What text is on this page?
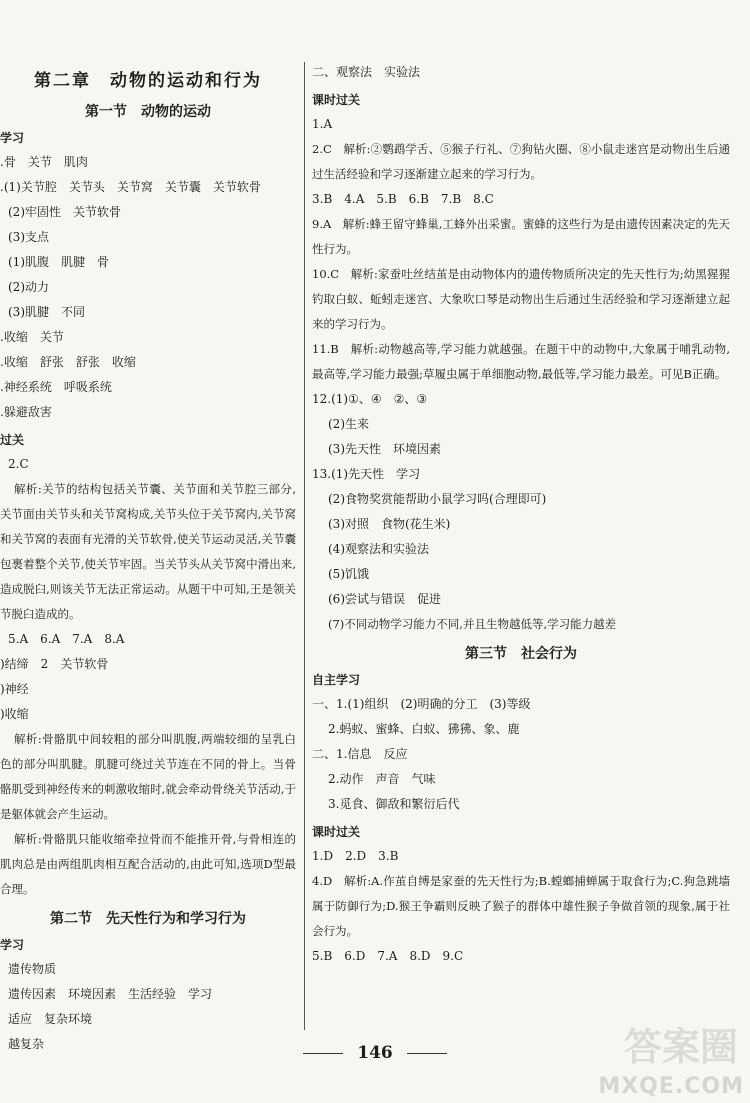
第二章　动物的运动和行为
第一节　动物的运动
学习
.骨　关节　肌肉
.(1)关节腔　关节头　关节窝　关节囊　关节软骨
(2)牢固性　关节软骨
(3)支点
(1)肌腹　肌腱　骨
(2)动力
(3)肌腱　不同
.收缩　关节
.收缩　舒张　舒张　收缩
.神经系统　呼吸系统
.躲避敌害
过关
2.C
解析:关节的结构包括关节囊、关节面和关节腔三部分,关节面由关节头和关节窝构成,关节头位于关节窝内,关节窝和关节窝的表面有光滑的关节软骨,使关节运动灵活,关节囊包裹着整个关节,使关节牢固。当关节头从关节窝中滑出来,造成脱臼,则该关节无法正常运动。从题干中可知,王是领关节脱臼造成的。
5.A　6.A　7.A　8.A
)结缔　2　关节软骨
)神经
)收缩
解析:骨骼肌中间较粗的部分叫肌腹,两端较细的呈乳白色的部分叫肌腱。肌腱可绕过关节连在不同的骨上。当骨骼肌受到神经传来的刺激收缩时,就会牵动骨绕关节活动,于是躯体就会产生运动。
解析:骨骼肌只能收缩牵拉骨而不能推开骨,与骨相连的肌肉总是由两组肌肉相互配合活动的,由此可知,选项D型最合理。
第二节　先天性行为和学习行为
学习
遗传物质
遗传因素　环境因素　生活经验　学习
适应　复杂环境
越复杂
二、观察法　实验法
课时过关
1.A
2.C　解析:②鹦鹉学舌、⑤猴子行礼、⑦狗钻火圈、⑧小鼠走迷宫是动物出生后通过生活经验和学习逐渐建立起来的学习行为。
3.B　4.A　5.B　6.B　7.B　8.C
9.A　解析:蜂王留守蜂巢,工蜂外出采蜜。蜜蜂的这些行为是由遗传因素决定的先天性行为。
10.C　解析:家蚕吐丝结茧是由动物体内的遗传物质所决定的先天性行为;幼黑猩猩钓取白蚁、蚯蚓走迷宫、大象吹口琴是动物出生后通过生活经验和学习逐渐建立起来的学习行为。
11.B　解析:动物越高等,学习能力就越强。在题干中的动物中,大象属于哺乳动物,最高等,学习能力最强;草履虫属于单细胞动物,最低等,学习能力最差。可见B正确。
12.(1)①、④　②、③
(2)生来
(3)先天性　环境因素
13.(1)先天性　学习
(2)食物奖赏能帮助小鼠学习吗(合理即可)
(3)对照　食物(花生米)
(4)观察法和实验法
(5)饥饿
(6)尝试与错误　促进
(7)不同动物学习能力不同,并且生物越低等,学习能力越差
第三节　社会行为
自主学习
一、1.(1)组织　(2)明确的分工　(3)等级
2.蚂蚁、蜜蜂、白蚁、狒狒、象、鹿
二、1.信息　反应
2.动作　声音　气味
3.觅食、御敌和繁衍后代
课时过关
1.D　2.D　3.B
4.D　解析:A.作茧自缚是家蚕的先天性行为;B.螳螂捕蝉属于取食行为;C.狗急跳墙属于防御行为;D.猴王争霸则反映了猴子的群体中雄性猴子争做首领的现象,属于社会行为。
5.B　6.D　7.A　8.D　9.C
146	答案圈
MXQE.COM
